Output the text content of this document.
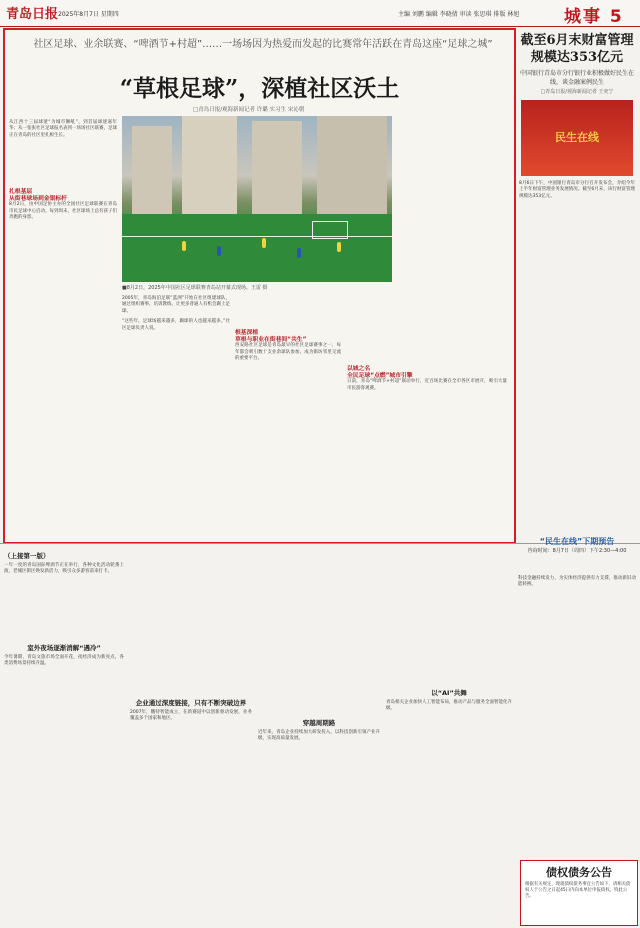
青岛日报 2025年8月7日 星期四	主编 刘鹏 编辑 李晓倩 审读 张思琪 排版 林旭	城事 5
社区足球、业余联赛、“啤酒节+村超”……一场场因为热爱而发起的比赛常年活跃在青岛这座“足球之城”
“草根足球”，深植社区沃土
□青岛日报/观海新闻记者 许璐 实习生 宋沁朝
从江西十三届球迷“为城市狮吼”、到首届球迷嘉年华；从一张张社区足球报名表到一场场社区联赛，足球正在青岛的社区里扎根生长。
扎根基层
从街巷球场到金银标杆
8月2日，由中国足协主办的全国社区足球联赛在青岛市民足球中心启动。每到周末，社区球场上总有孩子们奔跑的身影。
■8月2日，2025年中国社区足球联赛青岛站开幕式现场。王雷 摄
2005年，青岛海泊足联“蓝洲”开始在社区组建球队，通过组织赛事、培训教练，让更多普通人有机会踢上足球。
“这些年，足球场越来越多，踢球的人也越来越多。”社区足球负责人说。
根基深植
草根与职业在街巷间“共生”
西安路社区足球是青岛最早的社区足球赛事之一，每年都会吸引数十支业余球队参加，成为街坊邻里交流的重要平台。
以城之名
全民足球“点燃”城市引擎
日前，青岛“啤酒节+村超”联动举行，近百场比赛在全市各区市展开，吸引大量市民游客观赛。
截至6月末财富管理规模达353亿元
中国银行青岛市分行银行业积极做好民生在线，谈金融案例民生
□青岛日报/观海新闻记者 王奕宁
民生在线
8月6日下午，中国银行青岛市分行召开发布会，介绍今年上半年财富管理业务发展情况。截至6月末，该行财富管理规模达353亿元。
（上接第一版）
一年一度的青岛国际啤酒节正在举行，各种文化活动轮番上演，老城区街区焕发新活力，吸引众多游客前来打卡。
室外夜场逐渐消解“遇冷”
今年暑期，青岛文旅市场全面开花，夜经济成为新亮点，各类消费场景持续升温。
企业通过深度链接，只有不断突破边界
2007年，鹏特智能成立，在新赛道中以创新驱动发展，业务覆盖多个国家和地区。
穿越周期路
近年来，青岛企业持续加大研发投入，以科技创新引领产业升级，实现高质量发展。
以“AI”共舞
青岛相关企业加快人工智能布局，推动产品与服务全面智能化升级。
科技金融持续发力，为实体经济提供有力支撑，推动新旧动能转换。
“民生在线”下期预告
咨询时间：8月7日（周四）下午2:30—4:00
债权债务公告
根据有关规定，现就债权债务事宜公告如下，请相关债权人于公告之日起45日内向本单位申报债权。特此公告。
